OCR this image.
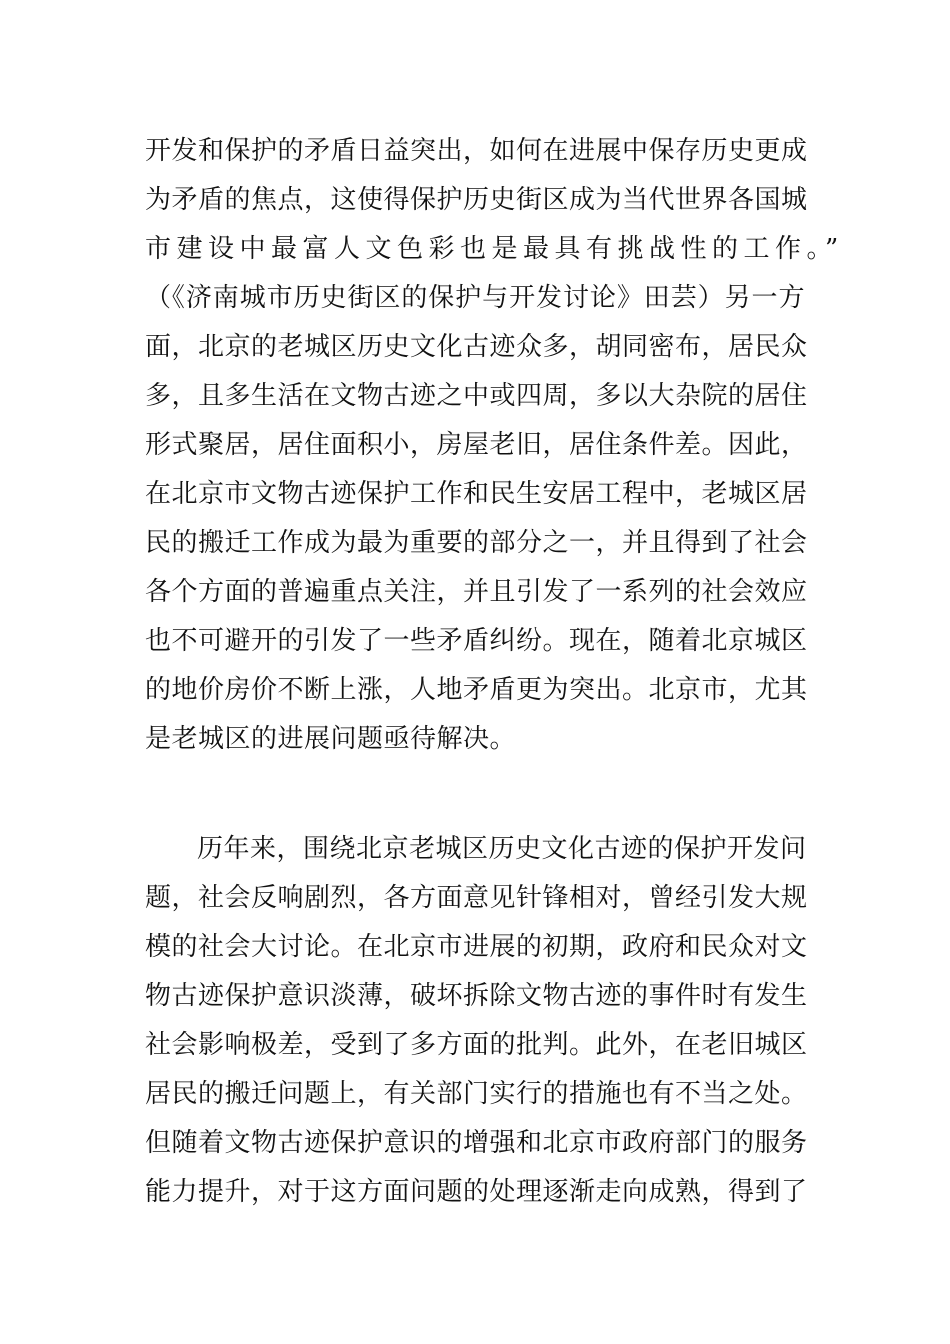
开发和保护的矛盾日益突出，如何在进展中保存历史更成
为矛盾的焦点，这使得保护历史街区成为当代世界各国城
市建设中最富人文色彩也是最具有挑战性的工作。”
（《济南城市历史街区的保护与开发讨论》田芸）另一方
面，北京的老城区历史文化古迹众多，胡同密布，居民众
多，且多生活在文物古迹之中或四周，多以大杂院的居住
形式聚居，居住面积小，房屋老旧，居住条件差。因此，
在北京市文物古迹保护工作和民生安居工程中，老城区居
民的搬迁工作成为最为重要的部分之一，并且得到了社会
各个方面的普遍重点关注，并且引发了一系列的社会效应
也不可避开的引发了一些矛盾纠纷。现在，随着北京城区
的地价房价不断上涨，人地矛盾更为突出。北京市，尤其
是老城区的进展问题亟待解决。
历年来，围绕北京老城区历史文化古迹的保护开发问
题，社会反响剧烈，各方面意见针锋相对，曾经引发大规
模的社会大讨论。在北京市进展的初期，政府和民众对文
物古迹保护意识淡薄，破坏拆除文物古迹的事件时有发生
社会影响极差，受到了多方面的批判。此外，在老旧城区
居民的搬迁问题上，有关部门实行的措施也有不当之处。
但随着文物古迹保护意识的增强和北京市政府部门的服务
能力提升，对于这方面问题的处理逐渐走向成熟，得到了
